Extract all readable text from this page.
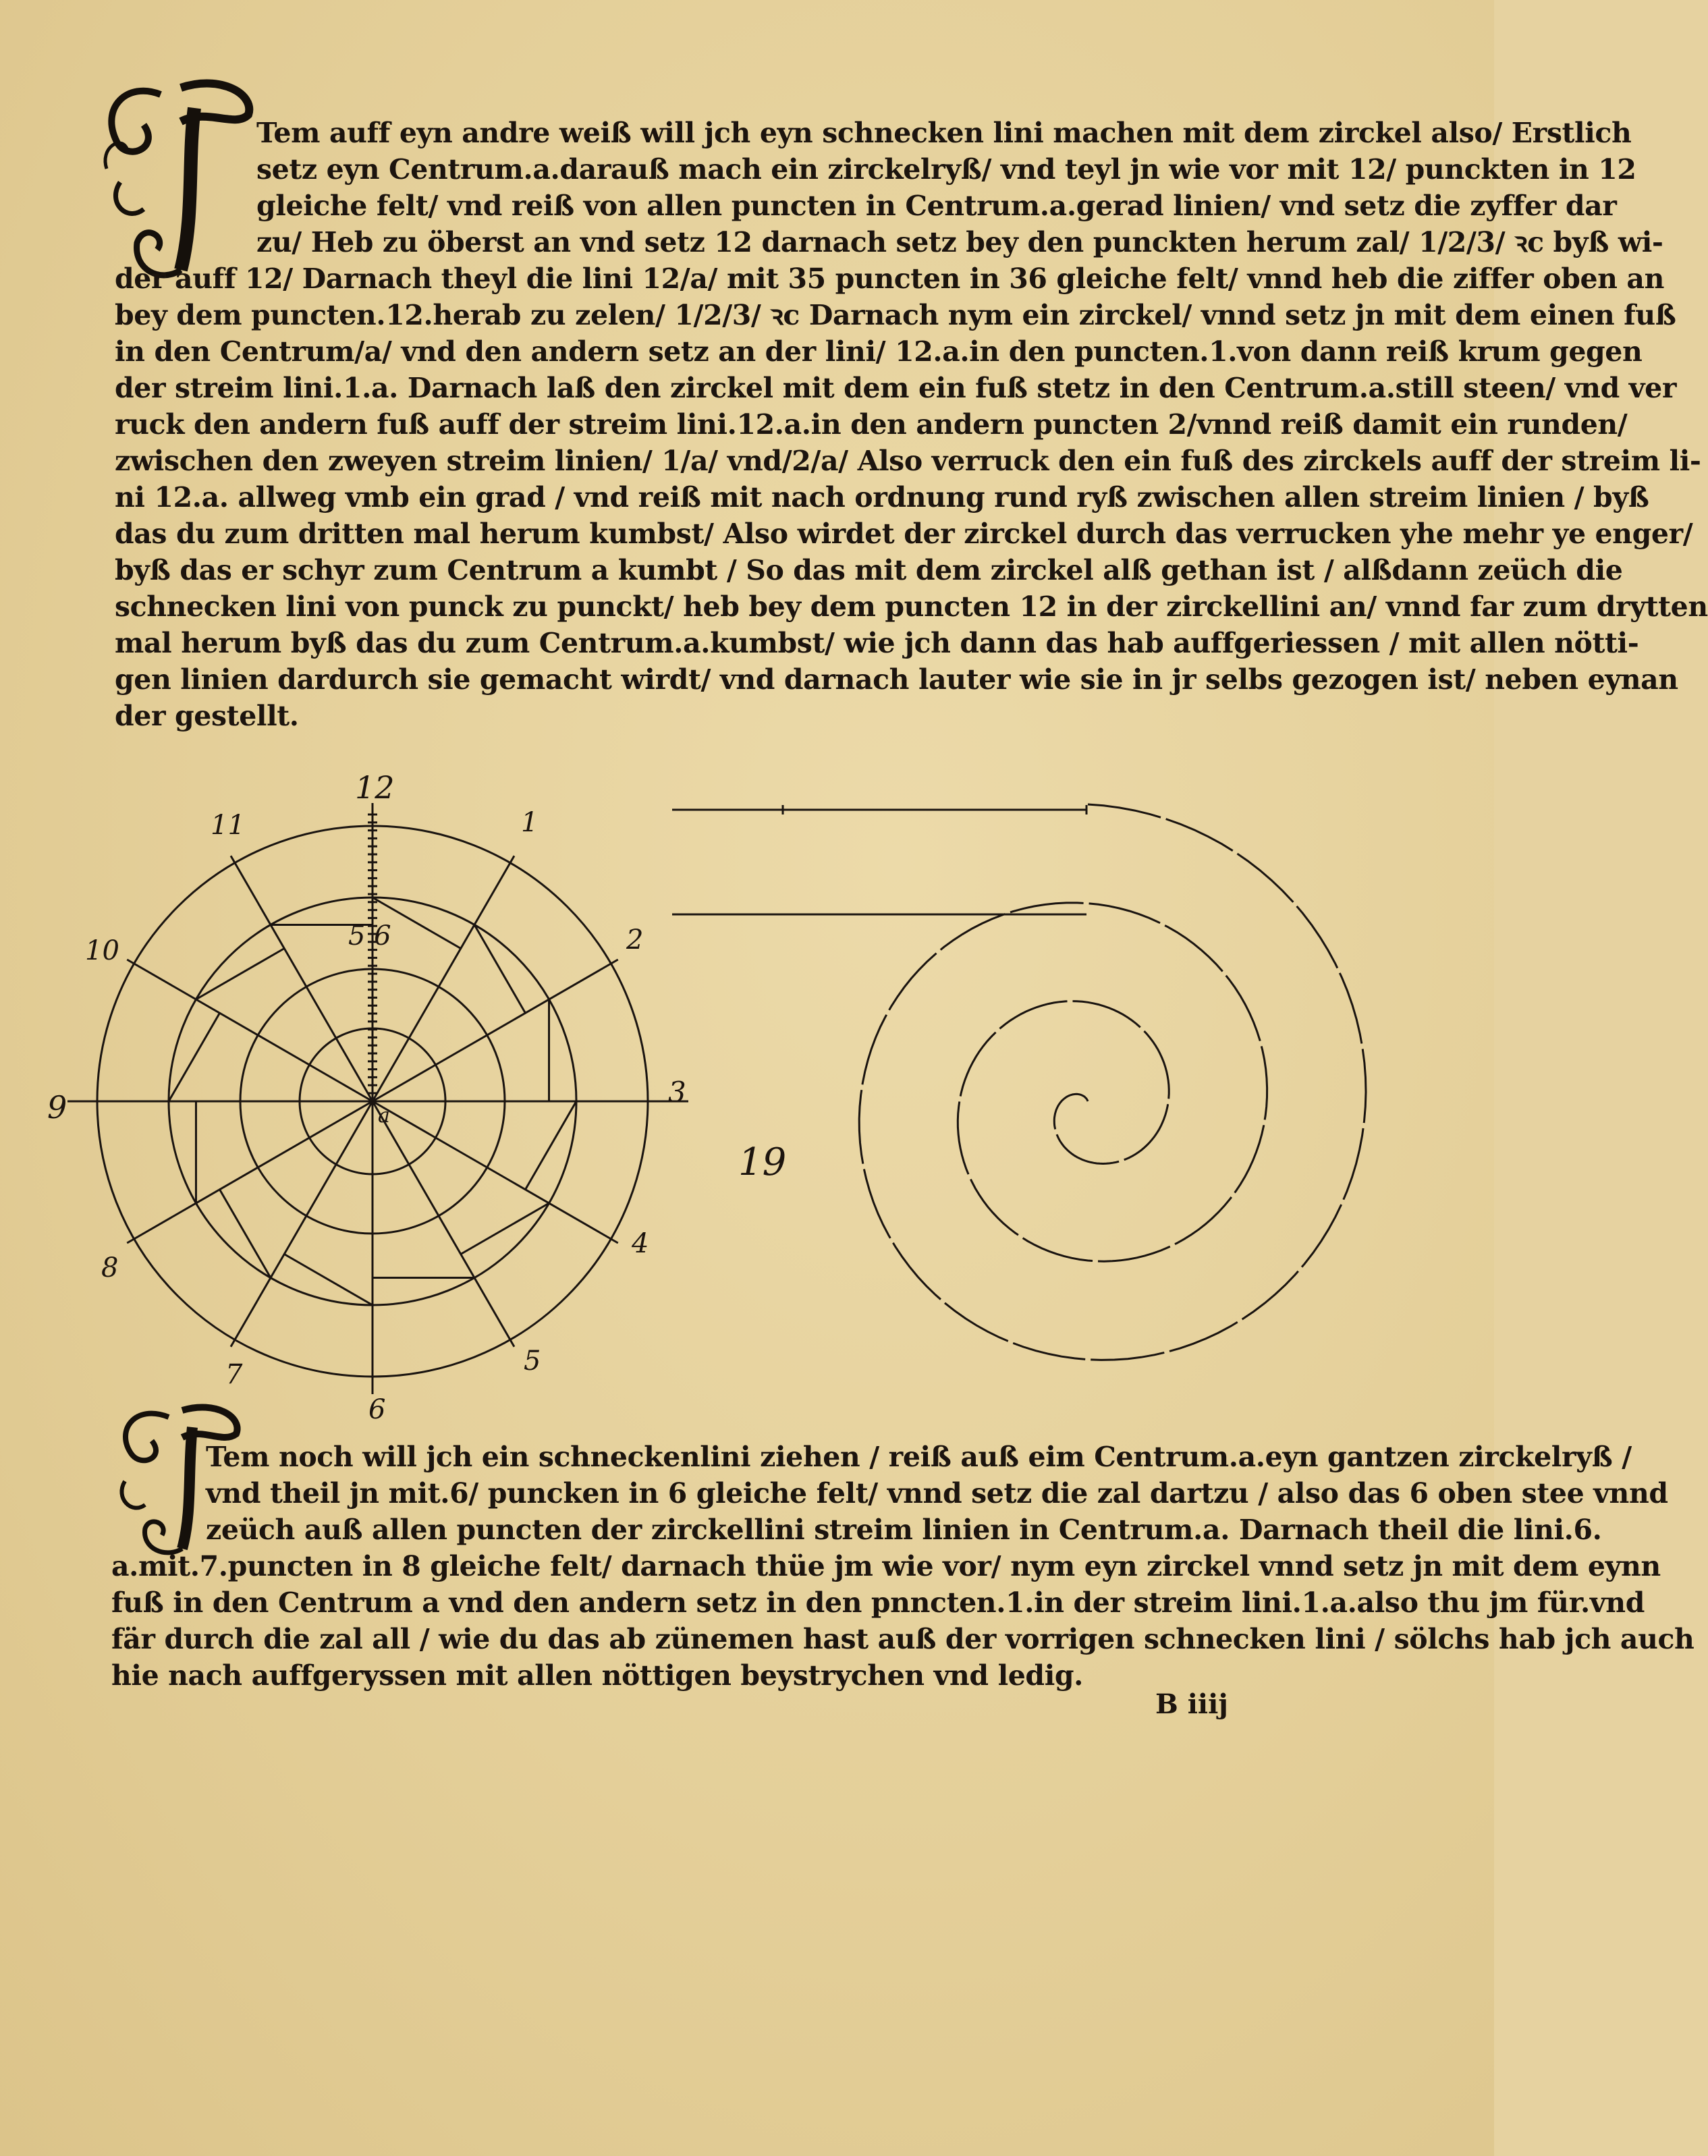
Tem auff eyn andre weiß will jch eyn schnecken lini machen mit dem zirckel also/ Erstlich
setz eyn Centrum.a.darauß mach ein zirckelryß/ vnd teyl jn wie vor mit 12/ punckten in 12
gleiche felt/ vnd reiß von allen puncten in Centrum.a.gerad linien/ vnd setz die zyffer dar
zu/ Heb zu öberst an vnd setz 12 darnach setz bey den punckten herum zal/ 1/2/3/ ꝛc byß wi-
der auff 12/ Darnach theyl die lini 12/a/ mit 35 puncten in 36 gleiche felt/ vnnd heb die ziffer oben an
bey dem puncten.12.herab zu zelen/ 1/2/3/ ꝛc Darnach nym ein zirckel/ vnnd setz jn mit dem einen fuß
in den Centrum/a/ vnd den andern setz an der lini/ 12.a.in den puncten.1.von dann reiß krum gegen
der streim lini.1.a. Darnach laß den zirckel mit dem ein fuß stetz in den Centrum.a.still steen/ vnd ver
ruck den andern fuß auff der streim lini.12.a.in den andern puncten 2/vnnd reiß damit ein runden/
zwischen den zweyen streim linien/ 1/a/ vnd/2/a/ Also verruck den ein fuß des zirckels auff der streim li-
ni 12.a. allweg vmb ein grad / vnd reiß mit nach ordnung rund ryß zwischen allen streim linien / byß
das du zum dritten mal herum kumbst/ Also wirdet der zirckel durch das verrucken yhe mehr ye enger/
byß das er schyr zum Centrum a kumbt / So das mit dem zirckel alß gethan ist / alßdann zeüch die
schnecken lini von punck zu punckt/ heb bey dem puncten 12 in der zirckellini an/ vnnd far zum drytten
mal herum byß das du zum Centrum.a.kumbst/ wie jch dann das hab auffgeriessen / mit allen nötti-
gen linien dardurch sie gemacht wirdt/ vnd darnach lauter wie sie in jr selbs gezogen ist/ neben eynan
der gestellt.
12
11	1
10	2
9	3
8
4
7	5
6
5 6
a
19
Tem noch will jch ein schneckenlini ziehen / reiß auß eim Centrum.a.eyn gantzen zirckelryß /
vnd theil jn mit.6/ puncken in 6 gleiche felt/ vnnd setz die zal dartzu / also das 6 oben stee vnnd
zeüch auß allen puncten der zirckellini streim linien in Centrum.a. Darnach theil die lini.6.
a.mit.7.puncten in 8 gleiche felt/ darnach thüe jm wie vor/ nym eyn zirckel vnnd setz jn mit dem eynn
fuß in den Centrum a vnd den andern setz in den pnncten.1.in der streim lini.1.a.also thu jm für.vnd
fär durch die zal all / wie du das ab zünemen hast auß der vorrigen schnecken lini / sölchs hab jch auch
hie nach auffgeryssen mit allen nöttigen beystrychen vnd ledig.
B iiij
